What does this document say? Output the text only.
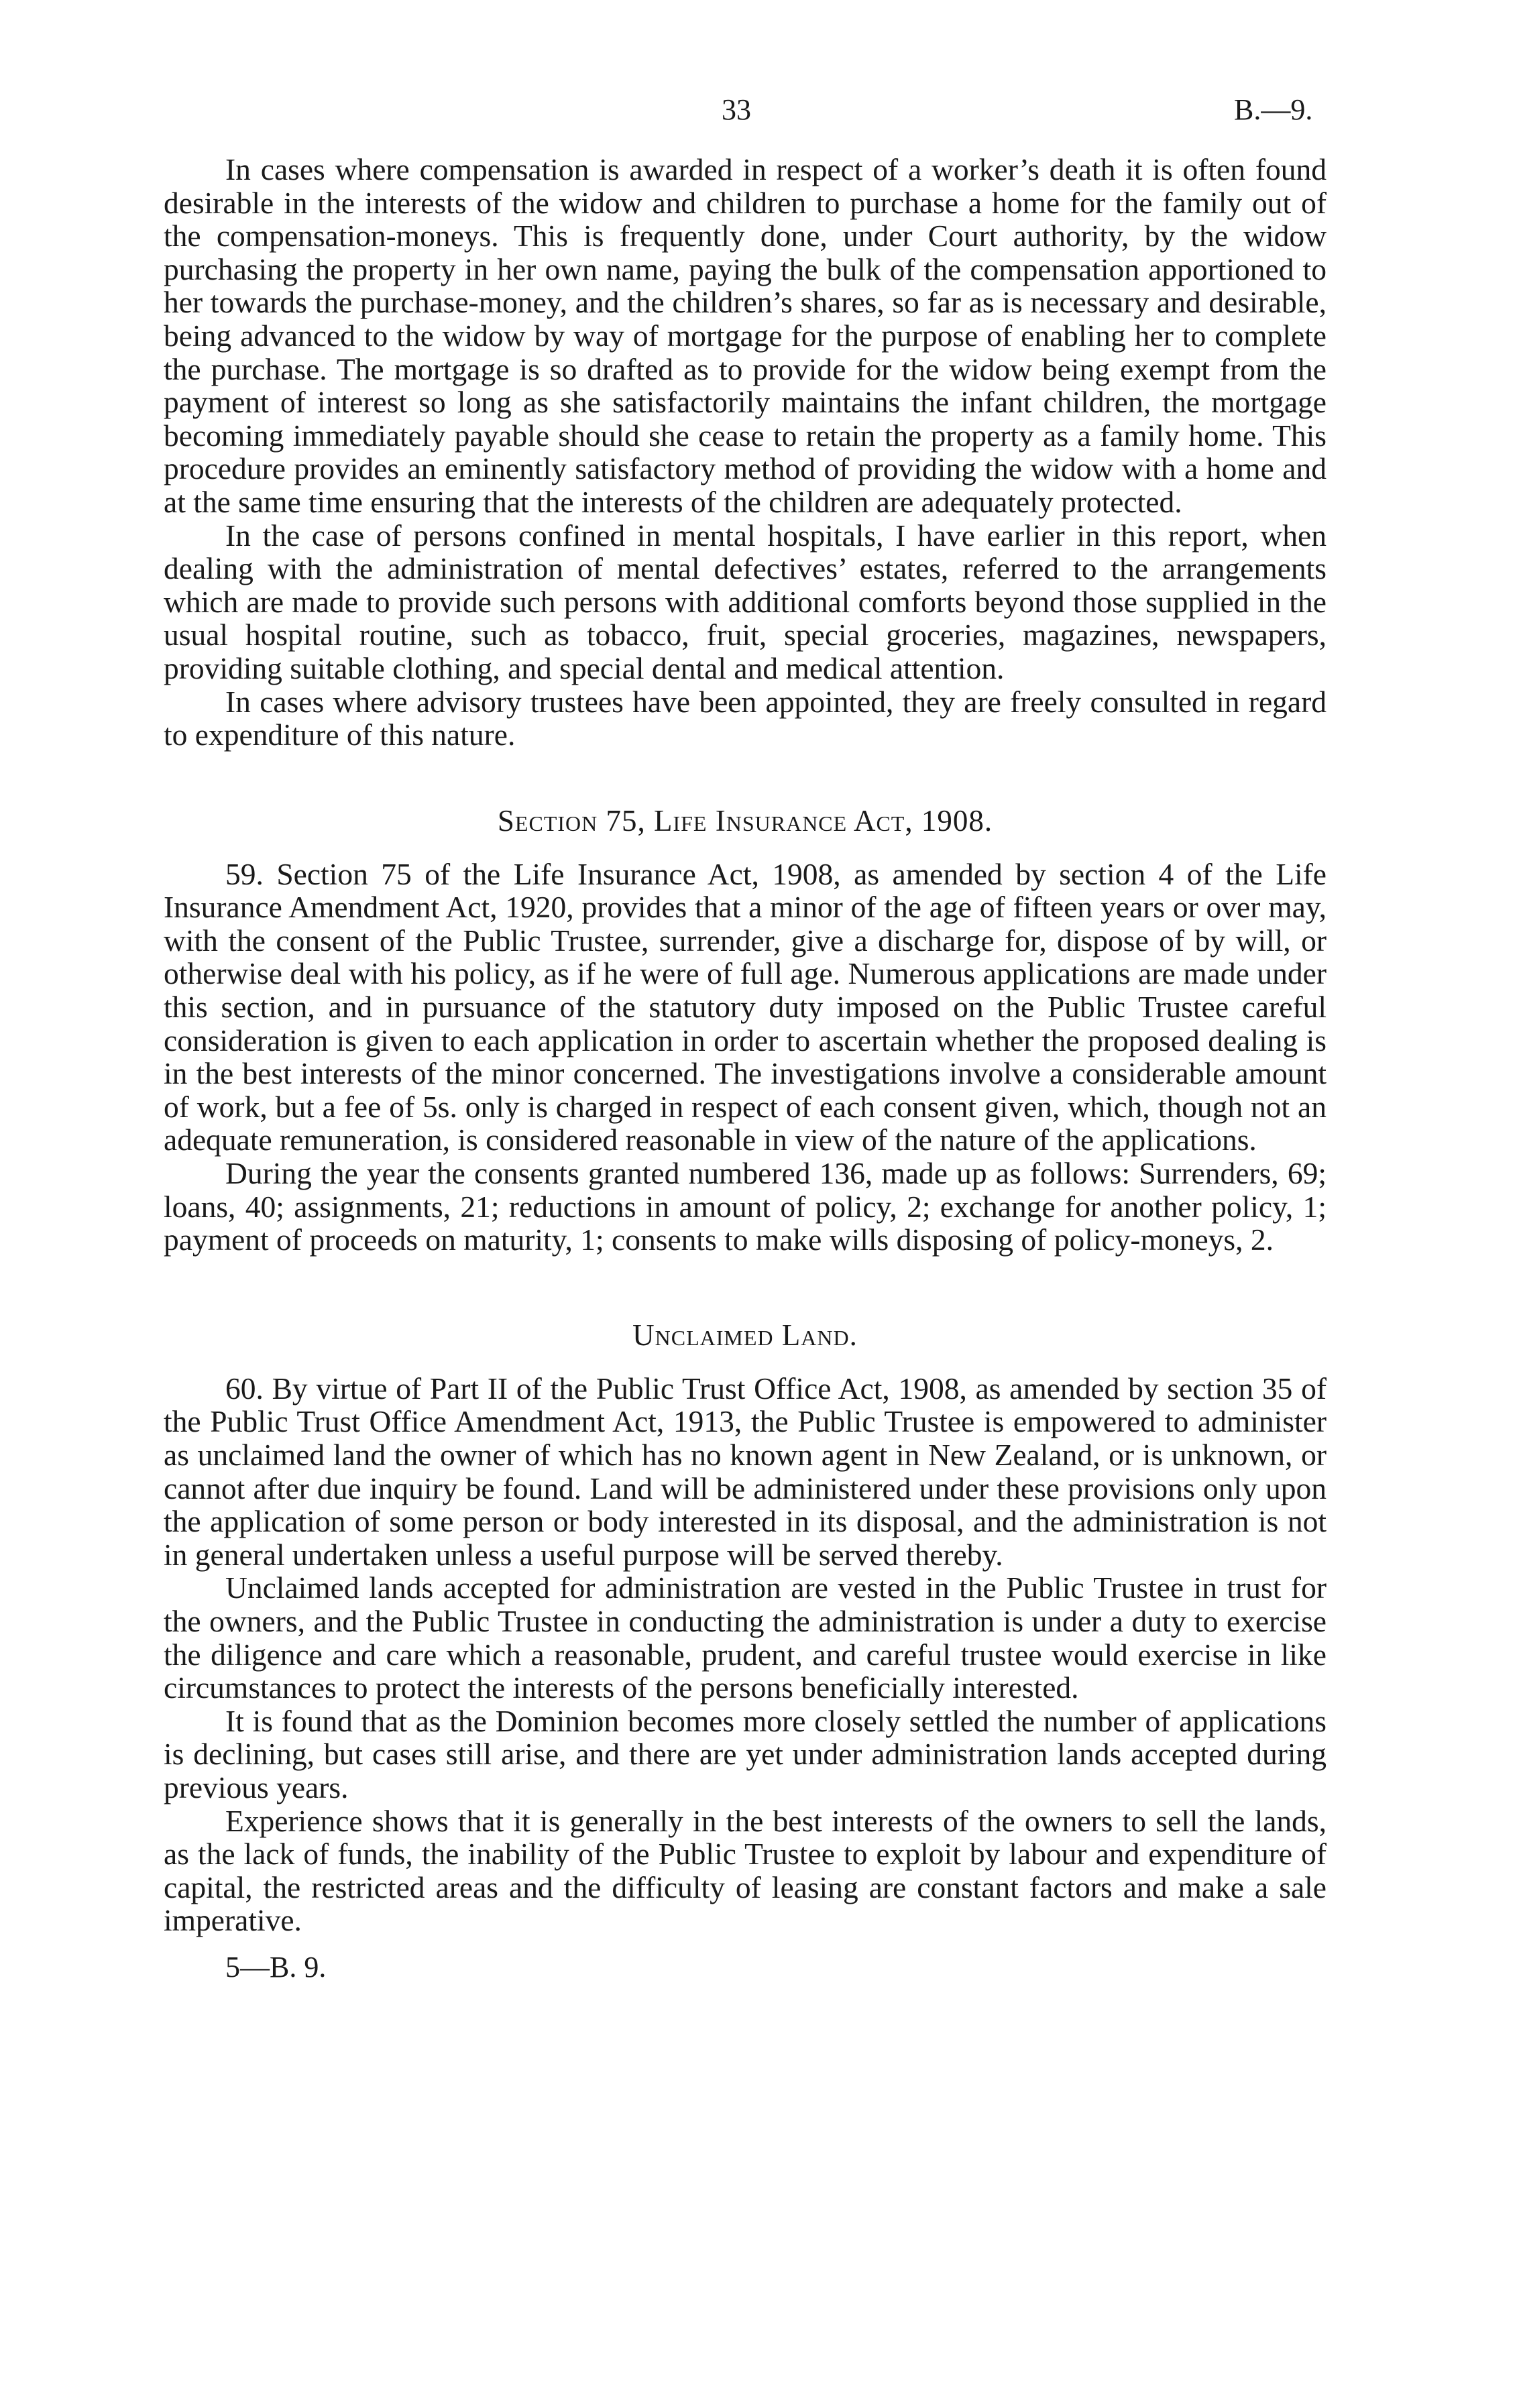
33	B.—9.

In cases where compensation is awarded in respect of a worker’s death it is often found desirable in the interests of the widow and children to purchase a home for the family out of the compensation-moneys. This is frequently done, under Court authority, by the widow purchasing the property in her own name, paying the bulk of the compensation apportioned to her towards the purchase-money, and the children’s shares, so far as is necessary and desirable, being advanced to the widow by way of mortgage for the purpose of enabling her to complete the purchase. The mortgage is so drafted as to provide for the widow being exempt from the payment of interest so long as she satisfactorily maintains the infant children, the mortgage becoming immediately payable should she cease to retain the property as a family home. This procedure provides an eminently satisfactory method of providing the widow with a home and at the same time ensuring that the interests of the children are adequately protected.

In the case of persons confined in mental hospitals, I have earlier in this report, when dealing with the administration of mental defectives’ estates, referred to the arrangements which are made to provide such persons with additional comforts beyond those supplied in the usual hospital routine, such as tobacco, fruit, special groceries, magazines, newspapers, providing suitable clothing, and special dental and medical attention.

In cases where advisory trustees have been appointed, they are freely consulted in regard to expenditure of this nature.

Section 75, Life Insurance Act, 1908.

59. Section 75 of the Life Insurance Act, 1908, as amended by section 4 of the Life Insurance Amendment Act, 1920, provides that a minor of the age of fifteen years or over may, with the consent of the Public Trustee, surrender, give a discharge for, dispose of by will, or otherwise deal with his policy, as if he were of full age. Numerous applications are made under this section, and in pursuance of the statutory duty imposed on the Public Trustee careful consideration is given to each application in order to ascertain whether the proposed dealing is in the best interests of the minor concerned. The investigations involve a considerable amount of work, but a fee of 5s. only is charged in respect of each consent given, which, though not an adequate remuneration, is considered reasonable in view of the nature of the applications.

During the year the consents granted numbered 136, made up as follows: Surrenders, 69; loans, 40; assignments, 21; reductions in amount of policy, 2; exchange for another policy, 1; payment of proceeds on maturity, 1; consents to make wills disposing of policy-moneys, 2.

Unclaimed Land.

60. By virtue of Part II of the Public Trust Office Act, 1908, as amended by section 35 of the Public Trust Office Amendment Act, 1913, the Public Trustee is empowered to administer as unclaimed land the owner of which has no known agent in New Zealand, or is unknown, or cannot after due inquiry be found. Land will be administered under these provisions only upon the application of some person or body interested in its disposal, and the administration is not in general undertaken unless a useful purpose will be served thereby.

Unclaimed lands accepted for administration are vested in the Public Trustee in trust for the owners, and the Public Trustee in conducting the administration is under a duty to exercise the diligence and care which a reasonable, prudent, and careful trustee would exercise in like circumstances to protect the interests of the persons beneficially interested.

It is found that as the Dominion becomes more closely settled the number of applications is declining, but cases still arise, and there are yet under administration lands accepted during previous years.

Experience shows that it is generally in the best interests of the owners to sell the lands, as the lack of funds, the inability of the Public Trustee to exploit by labour and expenditure of capital, the restricted areas and the difficulty of leasing are constant factors and make a sale imperative.

5—B. 9.
